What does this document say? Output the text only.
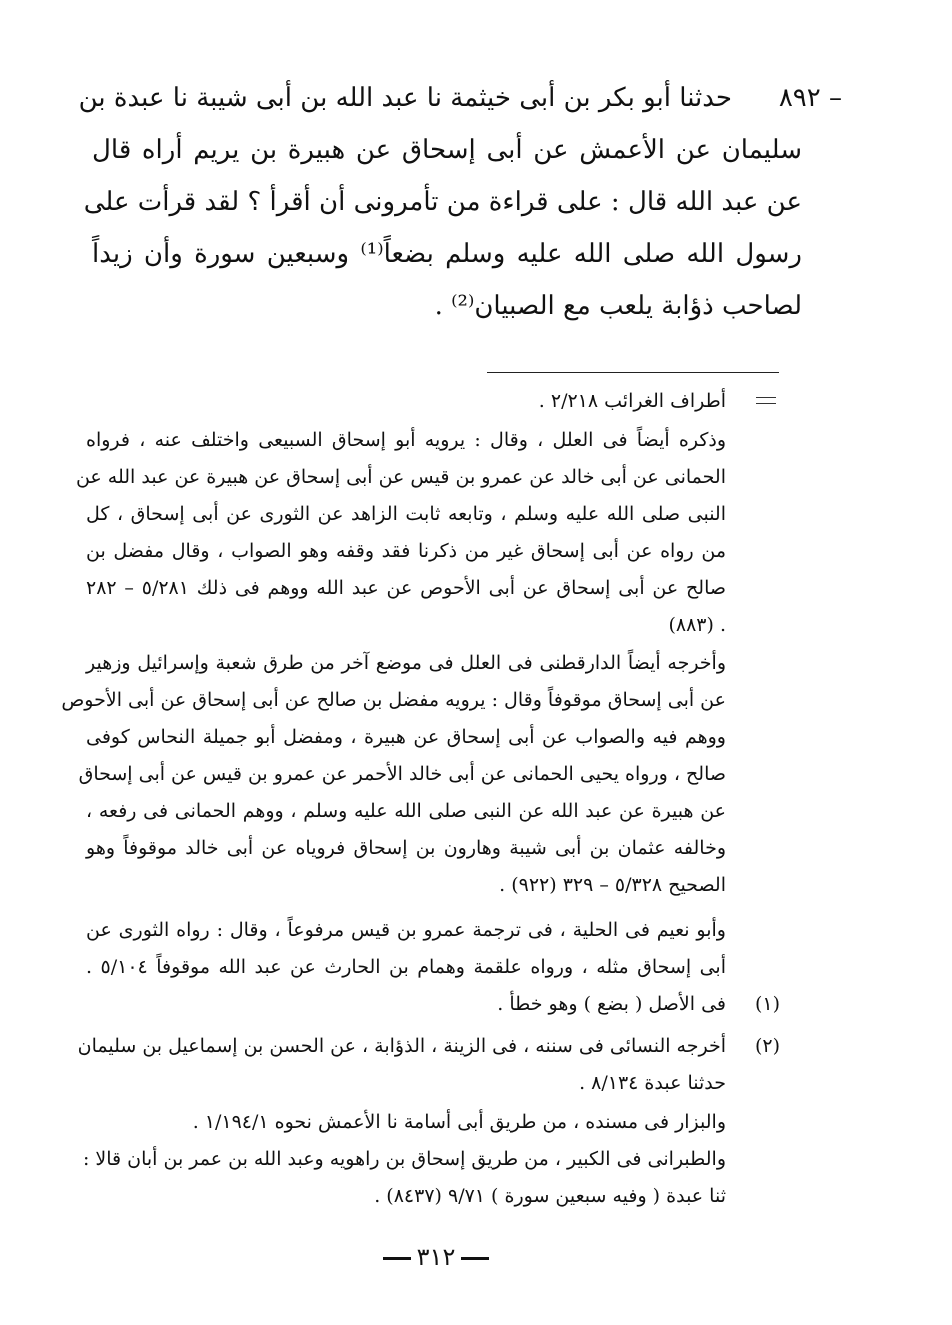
٨٩٢ –
حدثنا أبو بكر بن أبى خيثمة نا عبد الله بن أبى شيبة نا عبدة بن
سليمان عن الأعمش عن أبى إسحاق عن هبيرة بن يريم أراه قال
عن عبد الله قال : على قراءة من تأمرونى أن أقرأ ؟ لقد قرأت على
رسول الله صلى الله عليه وسلم بضعاً⁽¹⁾ وسبعين سورة وأن زيداً
لصاحب ذؤابة يلعب مع الصبيان⁽²⁾ .
أطراف الغرائب ٢/٢١٨ .
وذكره أيضاً فى العلل ، وقال : يرويه أبو إسحاق السبيعى واختلف عنه ، فرواه
الحمانى عن أبى خالد عن عمرو بن قيس عن أبى إسحاق عن هبيرة عن عبد الله عن
النبى صلى الله عليه وسلم ، وتابعه ثابت الزاهد عن الثورى عن أبى إسحاق ، كل
من رواه عن أبى إسحاق غير من ذكرنا فقد وقفه وهو الصواب ، وقال مفضل بن
صالح عن أبى إسحاق عن أبى الأحوص عن عبد الله ووهم فى ذلك ٥/٢٨١ – ٢٨٢
(٨٨٣) .
وأخرجه أيضاً الدارقطنى فى العلل فى موضع آخر من طرق شعبة وإسرائيل وزهير
عن أبى إسحاق موقوفاً وقال : يرويه مفضل بن صالح عن أبى إسحاق عن أبى الأحوص
ووهم فيه والصواب عن أبى إسحاق عن هبيرة ، ومفضل أبو جميلة النحاس كوفى
صالح ، ورواه يحيى الحمانى عن أبى خالد الأحمر عن عمرو بن قيس عن أبى إسحاق
عن هبيرة عن عبد الله عن النبى صلى الله عليه وسلم ، ووهم الحمانى فى رفعه ،
وخالفه عثمان بن أبى شيبة وهارون بن إسحاق فروياه عن أبى خالد موقوفاً وهو
الصحيح ٥/٣٢٨ – ٣٢٩ (٩٢٢) .
وأبو نعيم فى الحلية ، فى ترجمة عمرو بن قيس مرفوعاً ، وقال : رواه الثورى عن
أبى إسحاق مثله ، ورواه علقمة وهمام بن الحارث عن عبد الله موقوفاً ٥/١٠٤ .
(١)
فى الأصل ( بضع ) وهو خطأ .
(٢)
أخرجه النسائى فى سننه ، فى الزينة ، الذؤابة ، عن الحسن بن إسماعيل بن سليمان
حدثنا عبدة ٨/١٣٤ .
والبزار فى مسنده ، من طريق أبى أسامة نا الأعمش نحوه ١/١٩٤/١ .
والطبرانى فى الكبير ، من طريق إسحاق بن راهويه وعبد الله بن عمر بن أبان قالا :
ثنا عبدة ( وفيه سبعين سورة ) ٩/٧١ (٨٤٣٧) .
٣١٢
